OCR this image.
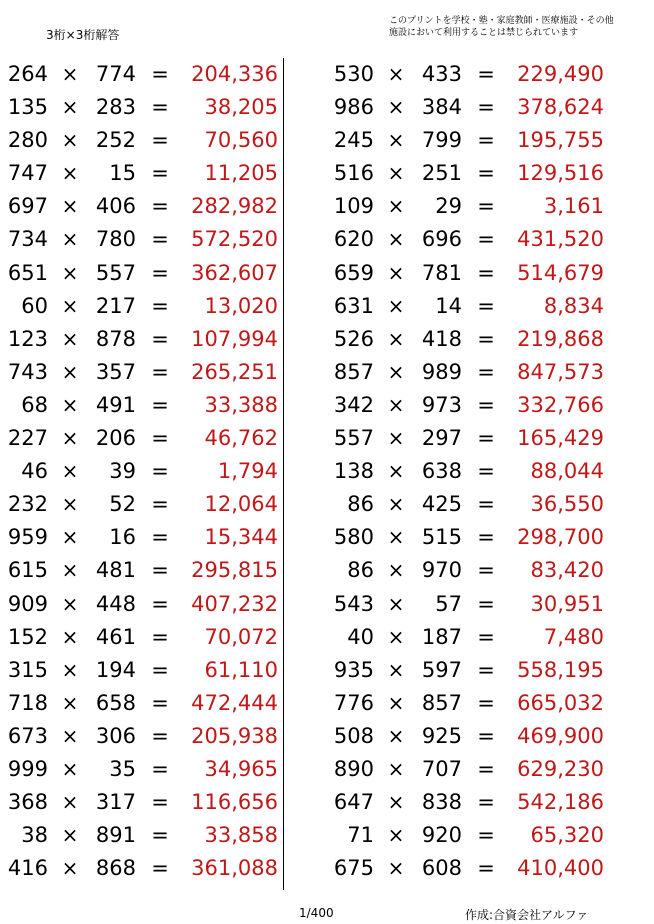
3桁×3桁解答
このプリントを学校・塾・家庭教師・医療施設・その他
施設において利用することは禁じられています
264 × 774 =	204,336
135 × 283 =	38,205
280 × 252 =	70,560
747 ×	15 =	11,205
697 × 406 =	282,982
734 × 780 =	572,520
651 × 557 =	362,607
60 × 217 =	13,020
123 × 878 =	107,994
743 × 357 =	265,251
68 × 491 =	33,388
227 × 206 =	46,762
46 ×	39 =	1,794
232 ×	52 =	12,064
959 ×	16 =	15,344
615 × 481 =	295,815
909 × 448 =	407,232
152 × 461 =	70,072
315 × 194 =	61,110
718 × 658 =	472,444
673 × 306 =	205,938
999 ×	35 =	34,965
368 × 317 =	116,656
38 × 891 =	33,858
416 × 868 =	361,088
530 × 433 =	229,490
986 × 384 =	378,624
245 × 799 =	195,755
516 × 251 =	129,516
109 ×	29 =	3,161
620 × 696 =	431,520
659 × 781 =	514,679
631 ×	14 =	8,834
526 × 418 =	219,868
857 × 989 =	847,573
342 × 973 =	332,766
557 × 297 =	165,429
138 × 638 =	88,044
86 × 425 =	36,550
580 × 515 =	298,700
86 × 970 =	83,420
543 ×	57 =	30,951
40 × 187 =	7,480
935 × 597 =	558,195
776 × 857 =	665,032
508 × 925 =	469,900
890 × 707 =	629,230
647 × 838 =	542,186
71 × 920 =	65,320
675 × 608 =	410,400
1/400	作成:合資会社アルファ
